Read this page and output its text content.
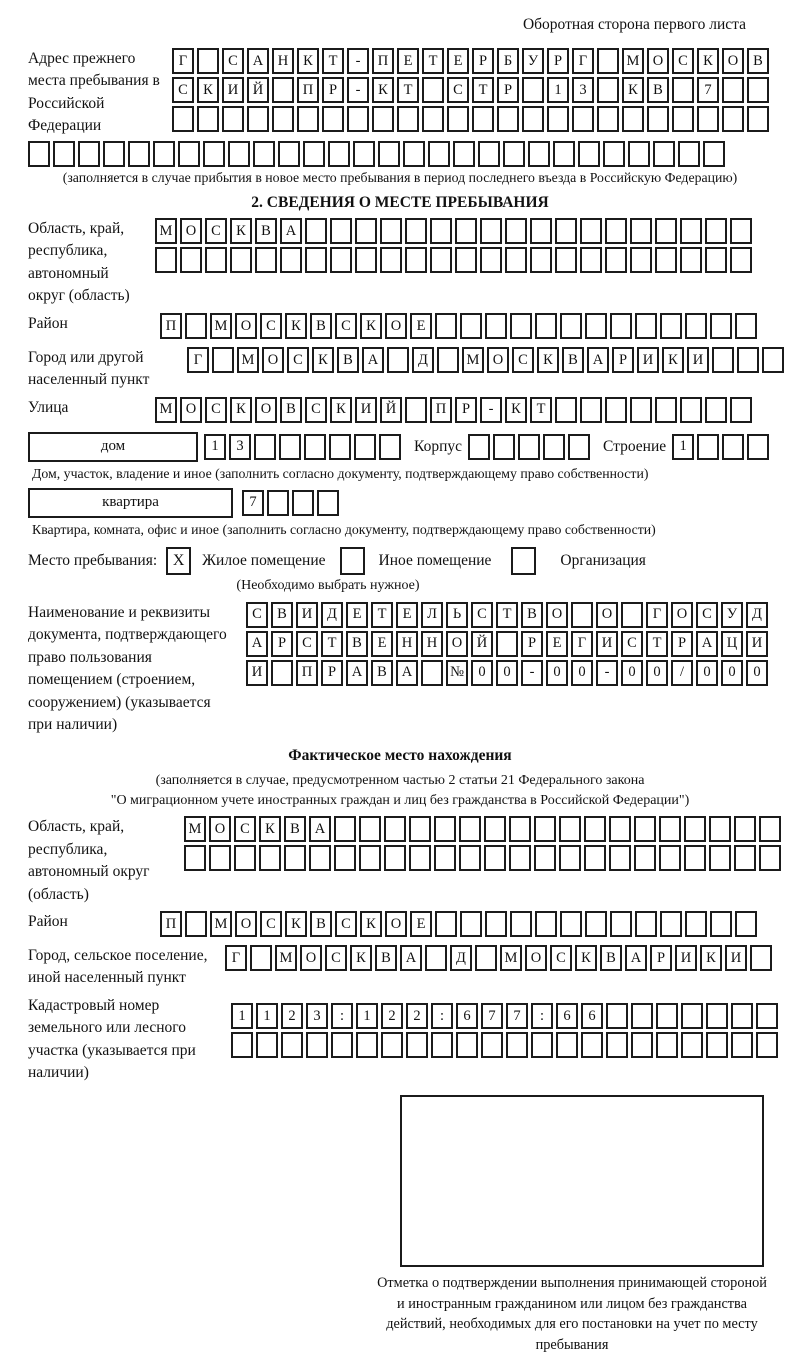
Оборотная сторона первого листа
Адрес прежнего места пребывания в Российской Федерации
Г	С	А	Н	К	Т	-	П	Е	Т	Е	Р	Б	У	Р	Г	М О	С	К	О	В
С	К	И	Й	П	Р	-	К	Т	С	Т	Р	1	3	К	В	7
(заполняется в случае прибытия в новое место пребывания в период последнего въезда в Российскую Федерацию)
2. СВЕДЕНИЯ О МЕСТЕ ПРЕБЫВАНИЯ
Область, край, республика, автономный округ (область)
М О	С	К	В	А
Район	П	М О	С	К	В	С	К	О	Е
Город или другой населенный пункт
Г	М О	С	К	В	А	Д	М О	С	К	В	А	Р	И	К	И
Улица	М О	С	К	О	В	С	К	И	Й	П	Р	-	К	Т
дом	1	3	Корпус	Строение 1
Дом, участок, владение и иное (заполнить согласно документу, подтверждающему право собственности)
квартира	7
Квартира, комната, офис и иное (заполнить согласно документу, подтверждающему право собственности)
Место пребывания: X	Жилое помещение	Иное помещение	Организация
(Необходимо выбрать нужное)
Наименование и реквизиты документа, подтверждающего право пользования помещением (строением, сооружением) (указывается при наличии)
С	В	И	Д	Е	Т	Е	Л	Ь	С	Т	В	О	О	Г	О	С	У	Д
А	Р	С	Т	В	Е	Н	Н	О	Й	Р	Е	Г	И	С	Т	Р	А	Ц	И
И	П	Р	А	В	А	№ 0	0	-	0	0	-	0	0	/	0	0	0
Фактическое место нахождения
(заполняется в случае, предусмотренном частью 2 статьи 21 Федерального закона
"О миграционном учете иностранных граждан и лиц без гражданства в Российской Федерации")
Область, край, республика, автономный округ (область)
М О	С	К	В	А
Район	П	М О	С	К	В	С	К	О	Е
Город, сельское поселение, иной населенный пункт
Г	М О	С	К	В	А	Д	М О	С	К	В	А	Р	И	К	И
Кадастровый номер земельного или лесного участка (указывается при наличии)
1	1	2	3	:	1	2	2	:	6	7	7	:	6	6
Отметка о подтверждении выполнения принимающей стороной и иностранным гражданином или лицом без гражданства действий, необходимых для его постановки на учет по месту пребывания
